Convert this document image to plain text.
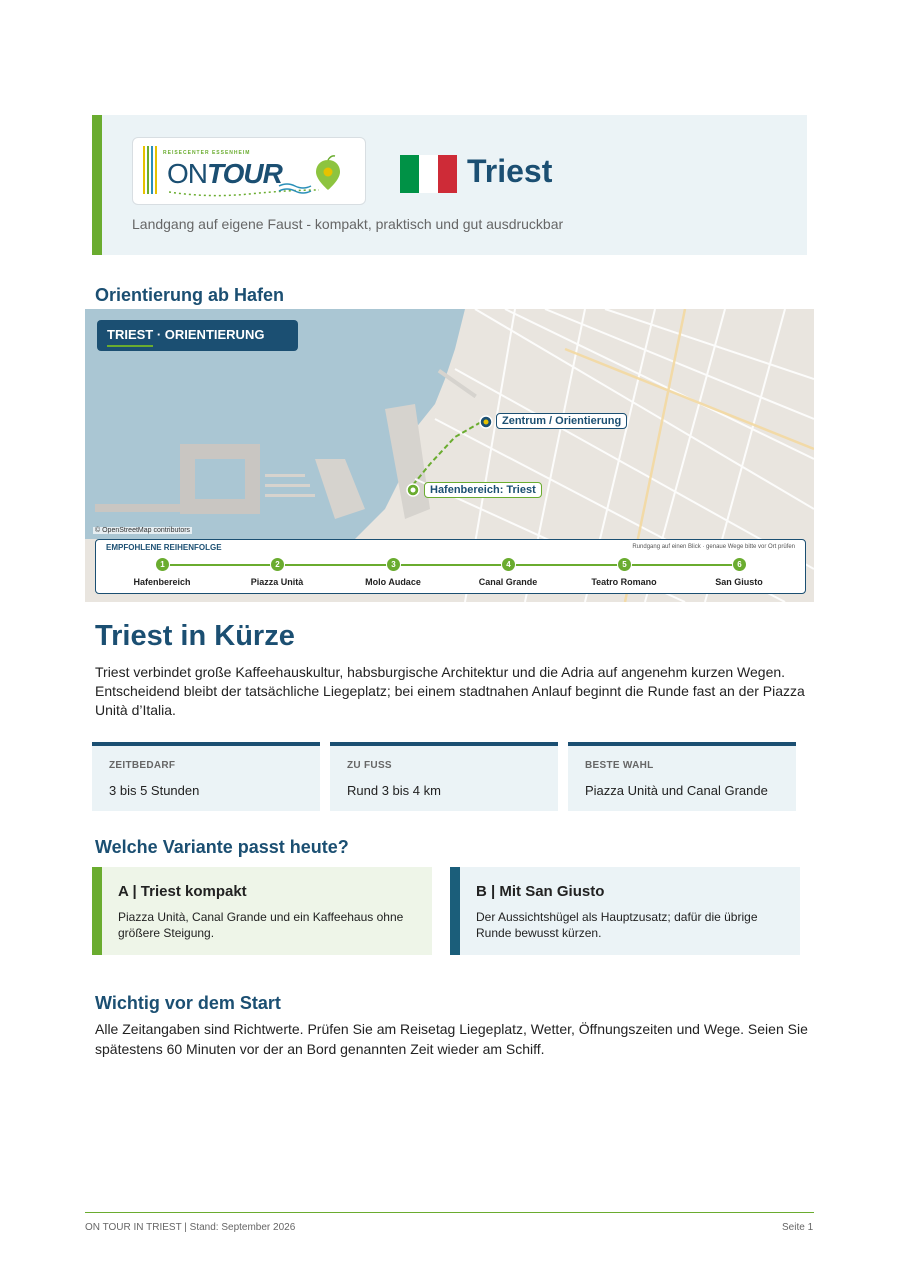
REISECENTER ESSENHEIM
ON TOUR	Triest
Landgang auf eigene Faust - kompakt, praktisch und gut ausdruckbar
Orientierung ab Hafen
TRIEST · ORIENTIERUNG
Zentrum / Orientierung
Hafenbereich: Triest
© OpenStreetMap contributors
EMPFOHLENE REIHENFOLGE	Rundgang auf einen Blick · genaue Wege bitte vor Ort prüfen
1
Hafenbereich
2
Piazza Unità
3
Molo Audace
4
Canal Grande
5
Teatro Romano
6
San Giusto
Triest in Kürze
Triest verbindet große Kaffeehauskultur, habsburgische Architektur und die Adria auf angenehm kurzen Wegen. Entscheidend bleibt der tatsächliche Liegeplatz; bei einem stadtnahen Anlauf beginnt die Runde fast an der Piazza Unità d’Italia.
ZEITBEDARF
3 bis 5 Stunden
ZU FUSS
Rund 3 bis 4 km
BESTE WAHL
Piazza Unità und Canal Grande
Welche Variante passt heute?
A | Triest kompakt
Piazza Unità, Canal Grande und ein Kaffeehaus ohne größere Steigung.
B | Mit San Giusto
Der Aussichtshügel als Hauptzusatz; dafür die übrige Runde bewusst kürzen.
Wichtig vor dem Start
Alle Zeitangaben sind Richtwerte. Prüfen Sie am Reisetag Liegeplatz, Wetter, Öffnungszeiten und Wege. Seien Sie spätestens 60 Minuten vor der an Bord genannten Zeit wieder am Schiff.
ON TOUR IN TRIEST | Stand: September 2026	Seite 1
